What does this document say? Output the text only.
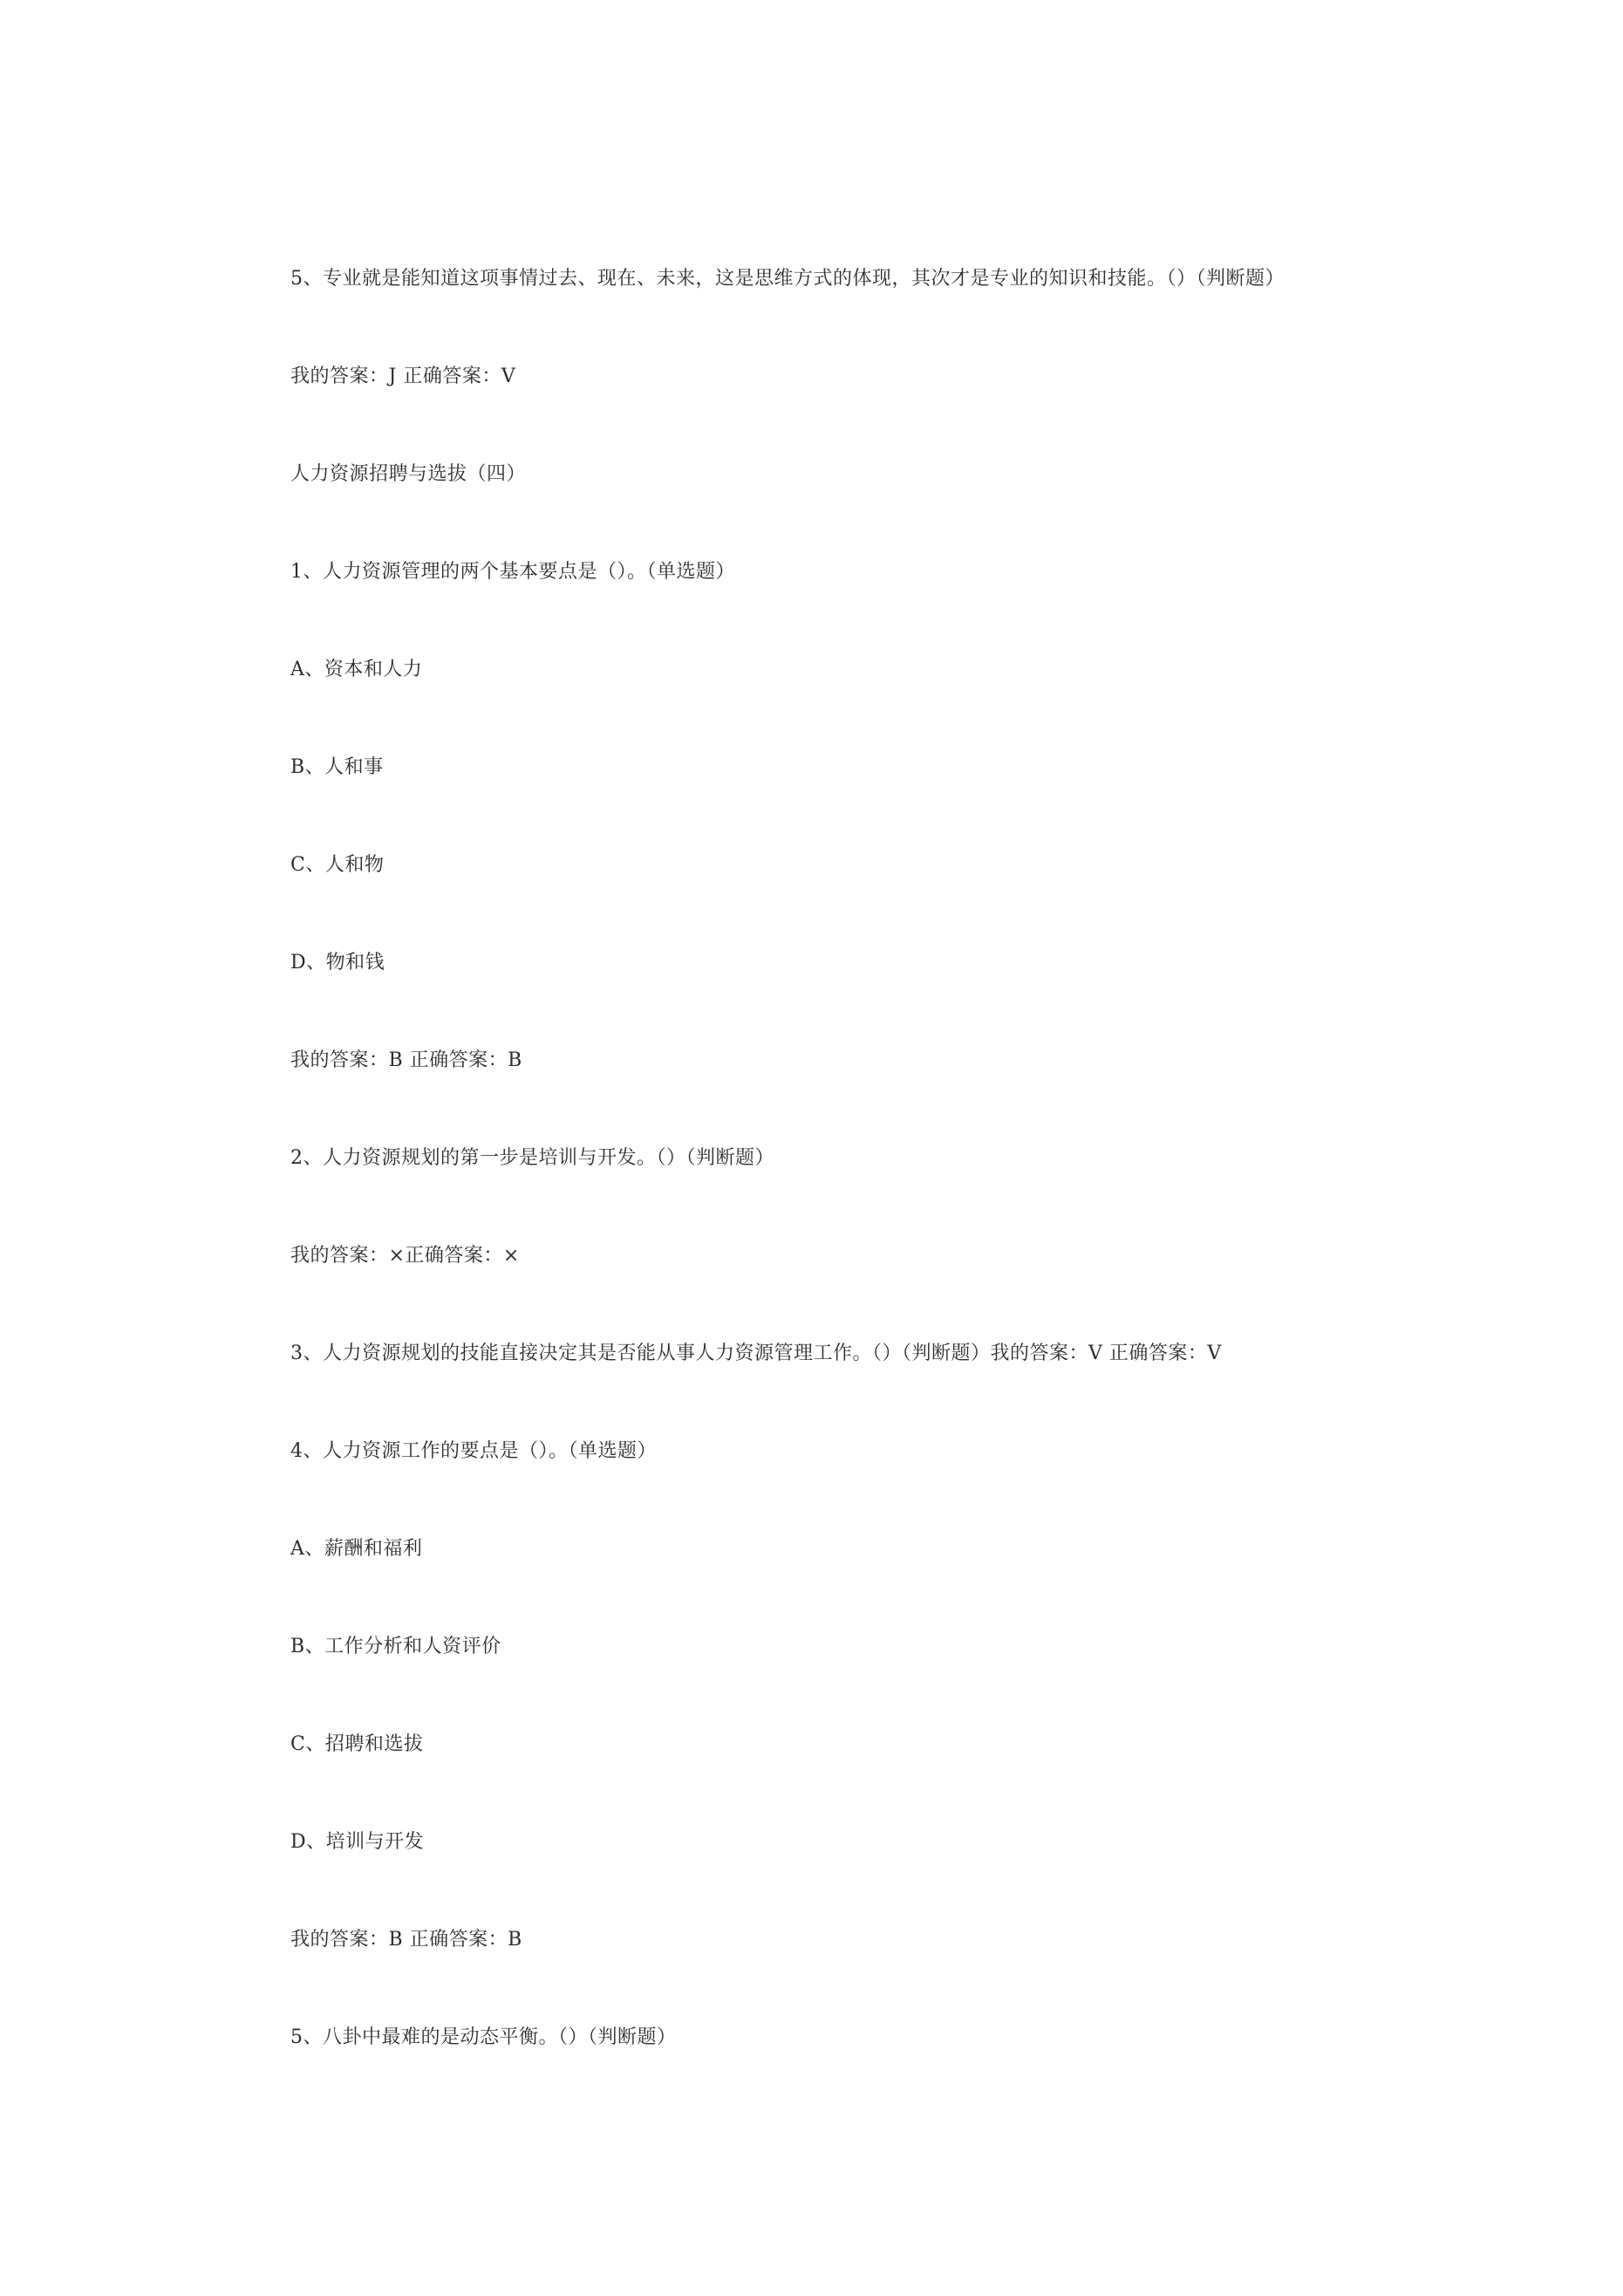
5、专业就是能知道这项事情过去、现在、未来，这是思维方式的体现，其次才是专业的知识和技能。（）（判断题）

我的答案：J 正确答案：V

人力资源招聘与选拔（四）

1、人力资源管理的两个基本要点是（）。（单选题）

A、资本和人力

B、人和事

C、人和物

D、物和钱

我的答案：B 正确答案：B

2、人力资源规划的第一步是培训与开发。（）（判断题）

我的答案：×正确答案：×

3、人力资源规划的技能直接决定其是否能从事人力资源管理工作。（）（判断题）我的答案：V 正确答案：V

4、人力资源工作的要点是（）。（单选题）

A、薪酬和福利

B、工作分析和人资评价

C、招聘和选拔

D、培训与开发

我的答案：B 正确答案：B

5、八卦中最难的是动态平衡。（）（判断题）
